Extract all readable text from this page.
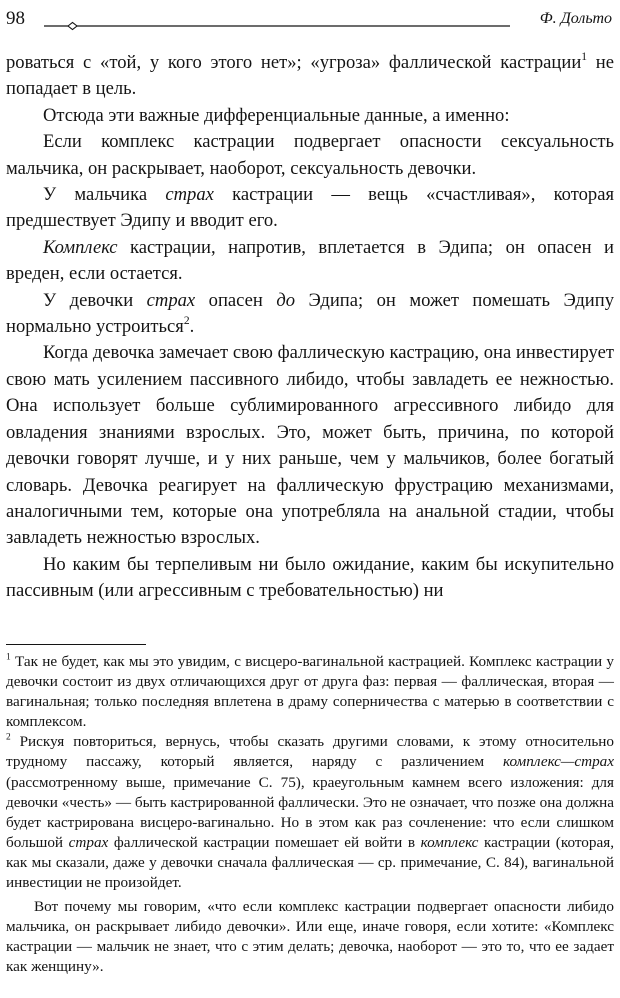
98	Ф. Дольто

роваться с «той, у кого этого нет»; «угроза» фаллической кастрации$^1$ не попадает в цель.

Отсюда эти важные дифференциальные данные, а именно:

Если комплекс кастрации подвергает опасности сексуальность мальчика, он раскрывает, наоборот, сексуальность девочки.

У мальчика страх кастрации — вещь «счастливая», которая предшествует Эдипу и вводит его.

Комплекс кастрации, напротив, вплетается в Эдипа; он опасен и вреден, если остается.

У девочки страх опасен до Эдипа; он может помешать Эдипу нормально устроиться$^2$.

Когда девочка замечает свою фаллическую кастрацию, она инвестирует свою мать усилением пассивного либидо, чтобы завладеть ее нежностью. Она использует больше сублимированного агрессивного либидо для овладения знаниями взрослых. Это, может быть, причина, по которой девочки говорят лучше, и у них раньше, чем у мальчиков, более богатый словарь. Девочка реагирует на фаллическую фрустрацию механизмами, аналогичными тем, которые она употребляла на анальной стадии, чтобы завладеть нежностью взрослых.

Но каким бы терпеливым ни было ожидание, каким бы искупительно пассивным (или агрессивным с требовательностью) ни

$^1$ Так не будет, как мы это увидим, с висцеро-вагинальной кастрацией. Комплекс кастрации у девочки состоит из двух отличающихся друг от друга фаз: первая — фаллическая, вторая — вагинальная; только последняя вплетена в драму соперничества с матерью в соответствии с комплексом.

$^2$ Рискуя повториться, вернусь, чтобы сказать другими словами, к этому относительно трудному пассажу, который является, наряду с различением комплекс—страх (рассмотренному выше, примечание С. 75), краеугольным камнем всего изложения: для девочки «честь» — быть кастрированной фаллически. Это не означает, что позже она должна будет кастрирована висцеро-вагинально. Но в этом как раз сочленение: что если слишком большой страх фаллической кастрации помешает ей войти в комплекс кастрации (которая, как мы сказали, даже у девочки сначала фаллическая — ср. примечание, С. 84), вагинальной инвестиции не произойдет.

Вот почему мы говорим, «что если комплекс кастрации подвергает опасности либидо мальчика, он раскрывает либидо девочки». Или еще, иначе говоря, если хотите: «Комплекс кастрации — мальчик не знает, что с этим делать; девочка, наоборот — это то, что ее задает как женщину».
